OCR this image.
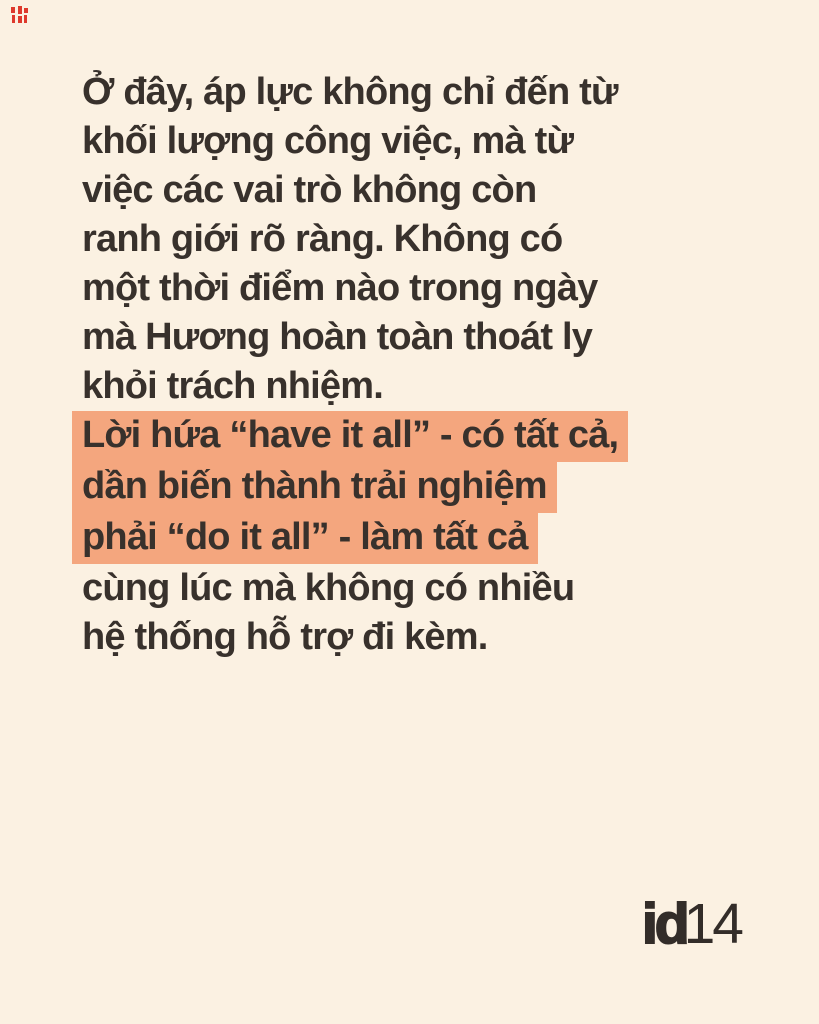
Ở đây, áp lực không chỉ đến từ
khối lượng công việc, mà từ
việc các vai trò không còn
ranh giới rõ ràng. Không có
một thời điểm nào trong ngày
mà Hương hoàn toàn thoát ly
khỏi trách nhiệm.
Lời hứa “have it all” - có tất cả,
dần biến thành trải nghiệm
phải “do it all” - làm tất cả
cùng lúc mà không có nhiều
hệ thống hỗ trợ đi kèm.
id14
